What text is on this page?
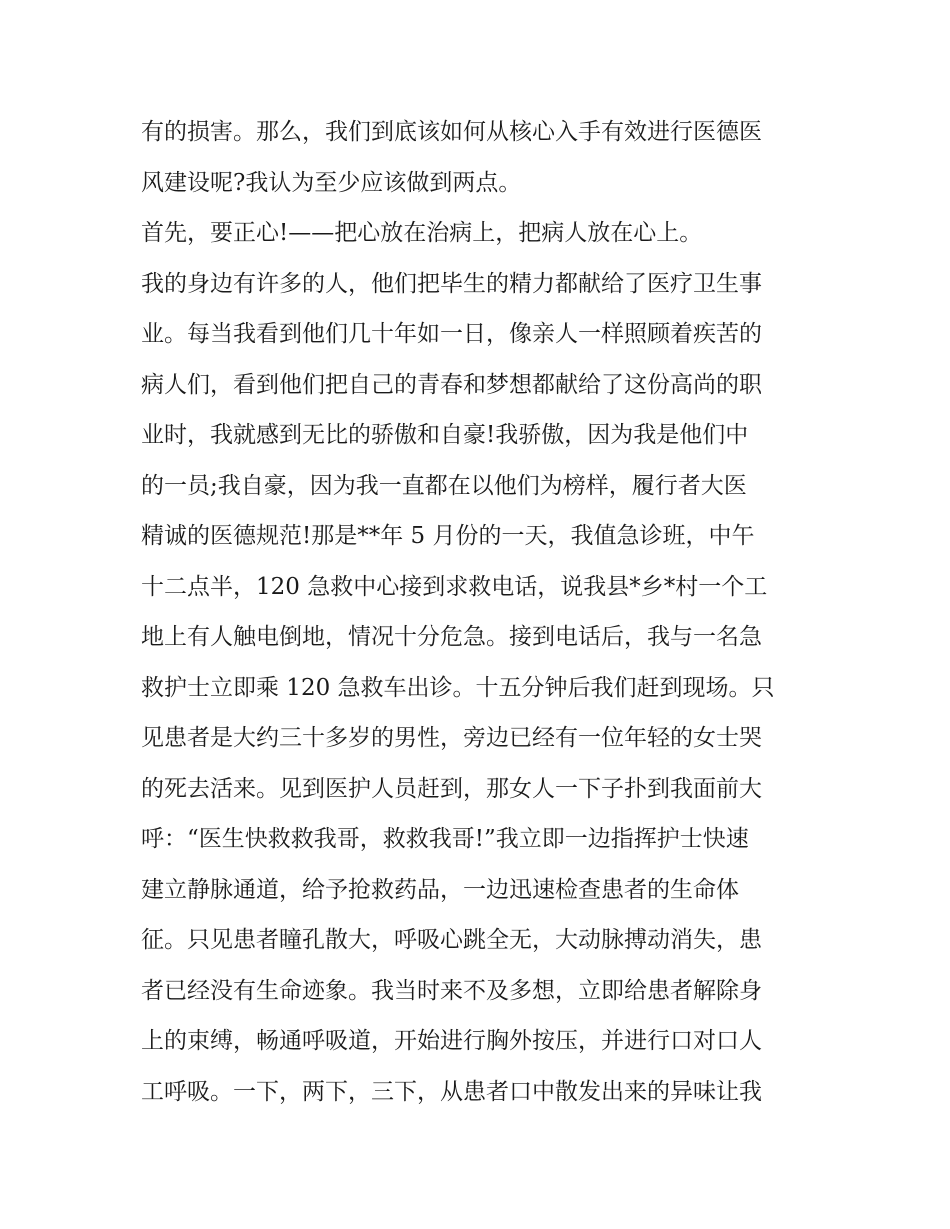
有的损害。那么，我们到底该如何从核心入手有效进行医德医
风建设呢?我认为至少应该做到两点。
首先，要正心!——把心放在治病上，把病人放在心上。
我的身边有许多的人，他们把毕生的精力都献给了医疗卫生事
业。每当我看到他们几十年如一日，像亲人一样照顾着疾苦的
病人们，看到他们把自己的青春和梦想都献给了这份高尚的职
业时，我就感到无比的骄傲和自豪!我骄傲，因为我是他们中
的一员;我自豪，因为我一直都在以他们为榜样，履行者大医
精诚的医德规范!那是**年 5 月份的一天，我值急诊班，中午
十二点半，120 急救中心接到求救电话，说我县*乡*村一个工
地上有人触电倒地，情况十分危急。接到电话后，我与一名急
救护士立即乘 120 急救车出诊。十五分钟后我们赶到现场。只
见患者是大约三十多岁的男性，旁边已经有一位年轻的女士哭
的死去活来。见到医护人员赶到，那女人一下子扑到我面前大
呼：“医生快救救我哥，救救我哥!”我立即一边指挥护士快速
建立静脉通道，给予抢救药品，一边迅速检查患者的生命体
征。只见患者瞳孔散大，呼吸心跳全无，大动脉搏动消失，患
者已经没有生命迹象。我当时来不及多想，立即给患者解除身
上的束缚，畅通呼吸道，开始进行胸外按压，并进行口对口人
工呼吸。一下，两下，三下，从患者口中散发出来的异味让我
